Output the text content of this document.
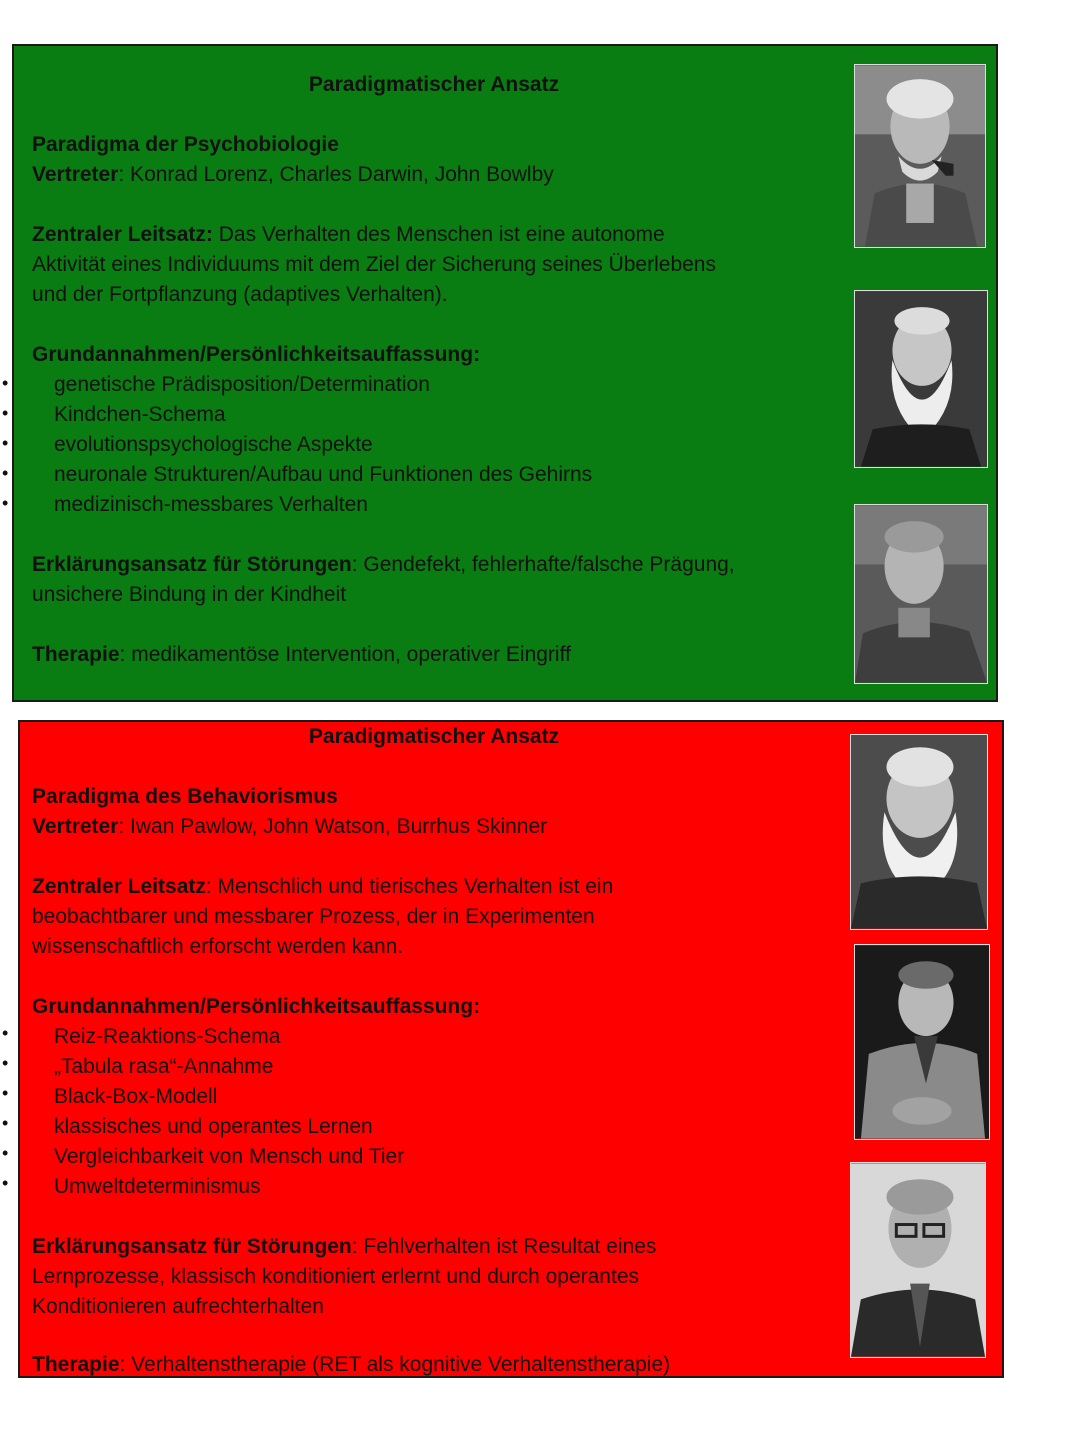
Paradigmatischer Ansatz
Paradigma der Psychobiologie
Vertreter: Konrad Lorenz, Charles Darwin, John Bowlby
Zentraler Leitsatz: Das Verhalten des Menschen ist eine autonome
Aktivität eines Individuums mit dem Ziel der Sicherung seines Überlebens
und der Fortpflanzung (adaptives Verhalten).
Grundannahmen/Persönlichkeitsauffassung:
genetische Prädisposition/Determination
Kindchen-Schema
evolutionspsychologische Aspekte
neuronale Strukturen/Aufbau und Funktionen des Gehirns
medizinisch-messbares Verhalten
Erklärungsansatz für Störungen: Gendefekt, fehlerhafte/falsche Prägung,
unsichere Bindung in der Kindheit
Therapie: medikamentöse Intervention, operativer Eingriff
•
•
•
•
•
Paradigmatischer Ansatz
Paradigma des Behaviorismus
Vertreter: Iwan Pawlow, John Watson, Burrhus Skinner
Zentraler Leitsatz: Menschlich und tierisches Verhalten ist ein
beobachtbarer und messbarer Prozess, der in Experimenten
wissenschaftlich erforscht werden kann.
Grundannahmen/Persönlichkeitsauffassung:
Reiz-Reaktions-Schema
„Tabula rasa“-Annahme
Black-Box-Modell
klassisches und operantes Lernen
Vergleichbarkeit von Mensch und Tier
Umweltdeterminismus
Erklärungsansatz für Störungen: Fehlverhalten ist Resultat eines
Lernprozesse, klassisch konditioniert erlernt und durch operantes
Konditionieren aufrechterhalten
Therapie: Verhaltenstherapie (RET als kognitive Verhaltenstherapie)
•
•
•
•
•
•
